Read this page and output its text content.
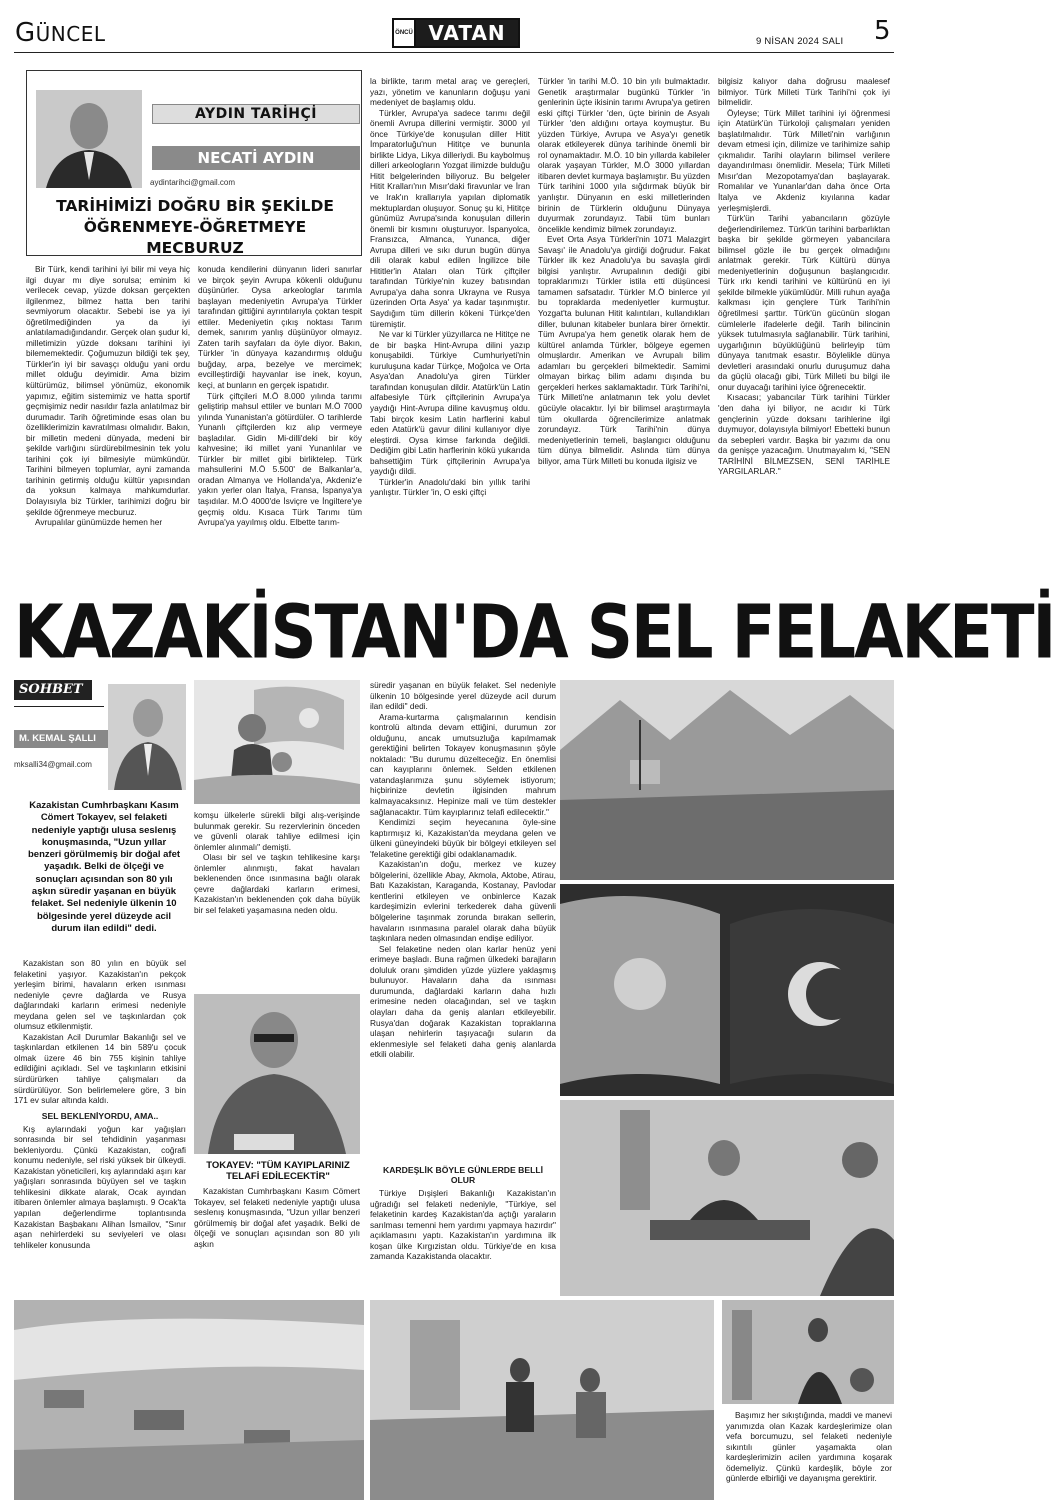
GÜNCEL	ÖNCÜ VATAN	9 NİSAN 2024 SALI 5
AYDIN TARİHÇİ
NECATİ AYDIN
aydintarihci@gmail.com
TARİHİMİZİ DOĞRU BİR ŞEKİLDE
ÖĞRENMEYE-ÖĞRETMEYE MECBURUZ

Bir Türk, kendi tarihini iyi bilir mi veya hiç ilgi duyar mı diye sorulsa; eminim ki verilecek cevap, yüzde doksan gerçekten ilgilenmez, bilmez hatta ben tarihi sevmiyorum olacaktır. Sebebi ise ya iyi öğretilmediğinden ya da iyi anlatılamadığındandır. Gerçek olan şudur ki, milletimizin yüzde doksanı tarihini iyi bilememektedir. Çoğumuzun bildiği tek şey, Türkler'in iyi bir savaşçı olduğu yani ordu millet olduğu deyimidir. Ama bizim kültürümüz, bilimsel yönümüz, ekonomik yapımız, eğitim sistemimiz ve hatta sportif geçmişimiz nedir nasıldır fazla anlatılmaz bir durumadır. Tarih öğretiminde esas olan bu özelliklerimizin kavratılması olmalıdır. Bakın, bir milletin medeni dünyada, medeni bir şekilde varlığını sürdürebilmesinin tek yolu tarihini çok iyi bilmesiyle mümkündür. Tarihini bilmeyen toplumlar, ayni zamanda tarihinin getirmiş olduğu kültür yapısından da yoksun kalmaya mahkumdurlar. Dolayısıyla biz Türkler, tarihimizi doğru bir şekilde öğrenmeye mecburuz.

Avrupalılar günümüzde hemen her

konuda kendilerini dünyanın lideri sanırlar ve birçok şeyin Avrupa kökenli olduğunu düşünürler. Oysa arkeologlar tarımla başlayan medeniyetin Avrupa'ya Türkler tarafından gittiğini ayrıntılarıyla çoktan tespit ettiler. Medeniyetin çıkış noktası Tarım demek, sanırım yanlış düşünüyor olmayız. Zaten tarih sayfaları da öyle diyor. Bakın, Türkler 'in dünyaya kazandırmış olduğu buğday, arpa, bezelye ve mercimek; evcilleştirdiği hayvanlar ise inek, koyun, keçi, at bunların en gerçek ispatıdır.

Türk çiftçileri M.Ö 8.000 yılında tarımı geliştirip mahsul ettiler ve bunları M.Ö 7000 yılında Yunanistan'a götürdüler. O tarihlerde Yunanlı çiftçilerden kız alıp vermeye başladılar. Gidin Mi-dilli'deki bir köy kahvesine; iki millet yani Yunanlılar ve Türkler bir millet gibi birliktelер. Türk mahsullerini M.Ö 5.500' de Balkanlar'a, oradan Almanya ve Hollanda'ya, Akdeniz'e yakın yerler olan İtalya, Fransa, İspanya'ya taşıdılar. M.Ö 4000'de İsviçre ve İngiltere'ye geçmiş oldu. Kısaca Türk Tarımı tüm Avrupa'ya yayılmış oldu. Elbette tarım-

la birlikte, tarım metal araç ve gereçleri, yazı, yönetim ve kanunların doğuşu yani medeniyet de başlamış oldu.

Türkler, Avrupa'ya sadece tarımı değil önemli Avrupa dillerini vermiştir. 3000 yıl önce Türkiye'de konuşulan diller Hitit İmparatorluğu'nun Hititçe ve bununla birlikte Lidya, Likya dilleriydi. Bu kaybolmuş dilleri arkeologların Yozgat ilimizde bulduğu Hitit belgelerinden biliyoruz. Bu belgeler Hitit Kralları'nın Mısır'daki firavunlar ve İran ve Irak'ın krallarıyla yapılan diplomatik mektuplardan oluşuyor. Sonuç şu ki, Hititçe günümüz Avrupa'sında konuşulan dillerin önemli bir kısmını oluşturuyor. İspanyolca, Fransızca, Almanca, Yunanca, diğer Avrupa dilleri ve sıkı durun bugün dünya dili olarak kabul edilen İngilizce bile Hititler'in Ataları olan Türk çiftçiler tarafından Türkiye'nin kuzey batısından Avrupa'ya daha sonra Ukrayna ve Rusya üzerinden Orta Asya' ya kadar taşınmıştır. Saydığım tüm dillerin kökeni Türkçe'den türemiştir.

Ne var ki Türkler yüzyıllarca ne Hititçe ne de bir başka Hint-Avrupa dilini yazıp konuşabildi. Türkiye Cumhuriyeti'nin kuruluşuna kadar Türkçe, Moğolca ve Orta Asya'dan Anadolu'ya giren Türkler tarafından konuşulan dildir. Atatürk'ün Latin alfabesiyle Türk çiftçilerinin Avrupa'ya yaydığı Hint-Avrupa diline kavuşmuş oldu. Tabi birçok kesim Latin harflerini kabul eden Atatürk'ü gavur dilini kullanıyor diye eleştirdi. Oysa kimse farkında değildi. Dediğim gibi Latin harflerinin kökü yukarıda bahsettiğim Türk çiftçilerinin Avrupa'ya yaydığı dildi.

Türkler'in Anadolu'daki bin yıllık tarihi yanlıştır. Türkler 'in, O eski çiftçi

Türkler 'in tarihi M.Ö. 10 bin yılı bulmaktadır. Genetik araştırmalar bugünkü Türkler 'in genlerinin üçte ikisinin tarımı Avrupa'ya getiren eski çiftçi Türkler 'den, üçte birinin de Asyalı Türkler 'den aldığını ortaya koymuştur. Bu yüzden Türkiye, Avrupa ve Asya'yı genetik olarak etkileyerek dünya tarihinde önemli bir rol oynamaktadır. M.Ö. 10 bin yıllarda kabileler olarak yaşayan Türkler, M.Ö 3000 yıllardan itibaren devlet kurmaya başlamıştır. Bu yüzden Türk tarihini 1000 yıla sığdırmak büyük bir yanlıştır. Dünyanın en eski milletlerinden birinin de Türklerin olduğunu Dünyaya duyurmak zorundayız. Tabii tüm bunları öncelikle kendimiz bilmek zorundayız.

Evet Orta Asya Türkleri'nin 1071 Malazgirt Savaşı' ile Anadolu'ya girdiği doğrudur. Fakat Türkler ilk kez Anadolu'ya bu savaşla girdi bilgisi yanlıştır. Avrupalının dediği gibi topraklarımızı Türkler istila etti düşüncesi tamamen safsatadır. Türkler M.Ö binlerce yıl bu topraklarda medeniyetler kurmuştur. Yozgat'ta bulunan Hitit kalıntıları, kullandıkları diller, bulunan kitabeler bunlara birer örnektir. Tüm Avrupa'ya hem genetik olarak hem de kültürel anlamda Türkler, bölgeye egemen olmuşlardır. Amerikan ve Avrupalı bilim adamları bu gerçekleri bilmektedir. Samimi olmayan birkaç bilim adamı dışında bu gerçekleri herkes saklamaktadır. Türk Tarihi'ni, Türk Milleti'ne anlatmanın tek yolu devlet gücüyle olacaktır. İyi bir bilimsel araştırmayla tüm okullarda öğrencilerimize anlatmak zorundayız. Türk Tarihi'nin dünya medeniyetlerinin temeli, başlangıcı olduğunu tüm dünya bilmelidir. Aslında tüm dünya biliyor, ama Türk Milleti bu konuda ilgisiz ve

bilgisiz kalıyor daha doğrusu maalesef bilmiyor. Türk Milleti Türk Tarihi'ni çok iyi bilmelidir.

Öyleyse; Türk Millet tarihini iyi öğrenmesi için Atatürk'ün Türkoloji çalışmaları yeniden başlatılmalıdır. Türk Milleti'nin varlığının devam etmesi için, dilimize ve tarihimize sahip çıkmalıdır. Tarihi olayların bilimsel verilere dayandırılması önemlidir. Mesela; Türk Milleti Mısır'dan Mezopotamya'dan başlayarak. Romalılar ve Yunanlar'dan daha önce Orta İtalya ve Akdeniz kıyılarına kadar yerleşmişlerdi.

Türk'ün Tarihi yabancıların gözüyle değerlendirilemez. Türk'ün tarihini barbarlıktan başka bir şekilde görmeyen yabancılara bilimsel gözle ile bu gerçek olmadığını anlatmak gerekir. Türk Kültürü dünya medeniyetlerinin doğuşunun başlangıcıdır. Türk ırkı kendi tarihini ve kültürünü en iyi şekilde bilmekle yükümlüdür. Milli ruhun ayağa kalkması için gençlere Türk Tarihi'nin öğretilmesi şarttır. Türk'ün gücünün slogan cümlelerle ifadelerle değil. Tarih bilincinin yüksek tutulmasıyla sağlanabilir. Türk tarihini, uygarlığının büyüklüğünü belirleyip tüm dünyaya tanıtmak esastır. Böylelikle dünya devletleri arasındaki onurlu duruşumuz daha da güçlü olacağı gibi, Türk Milleti bu bilgi ile onur duyacağı tarihini iyice öğrenecektir.

Kısacası; yabancılar Türk tarihini Türkler 'den daha iyi biliyor, ne acıdır ki Türk gençlerinin yüzde doksanı tarihlerine ilgi duymuyor, dolayısıyla bilmiyor! Ebetteki bunun da sebepleri vardır. Başka bir yazımı da onu da genişçe yazacağım. Unutmayalım ki, "SEN TARİHİNİ BİLMEZSEN, SENİ TARİHLE YARGILARLAR."

KAZAKİSTAN'DA SEL FELAKETİ
SOHBET
M. KEMAL ŞALLI
mksalli34@gmail.com
Kazakistan Cumhrbaşkanı Kasım Cömert Tokayev, sel felaketi nedeniyle yaptığı ulusa seslenış konuşmasında, "Uzun yıllar benzeri görülmemiş bir doğal afet yaşadık. Belki de ölçeği ve sonuçları açısından son 80 yılı aşkın süredir yaşanan en büyük felaket. Sel nedeniyle ülkenin 10 bölgesinde yerel düzeyde acil durum ilan edildi" dedi.

Kazakistan son 80 yılın en büyük sel felaketini yaşıyor. Kazakistan'ın pekçok yerleşim birimi, havaların erken ısınması nedeniyle çevre dağlarda ve Rusya dağlarındaki karların erimesi nedeniyle meydana gelen sel ve taşkınlardan çok olumsuz etkilenmiştir.

Kazakistan Acil Durumlar Bakanlığı sel ve taşkınlardan etkilenen 14 bin 589'u çocuk olmak üzere 46 bin 755 kişinin tahliye edildiğini açıkladı. Sel ve taşkınların etkisini sürdürürken tahliye çalışmaları da sürdürülüyor. Son belirlemelere göre, 3 bin 171 ev sular altında kaldı.

SEL BEKLENİYORDU, AMA..

Kış aylarındaki yoğun kar yağışları sonrasında bir sel tehdidinin yaşanması bekleniyordu. Çünkü Kazakistan, coğrafi konumu nedeniyle, sel riski yüksek bir ülkeydi. Kazakistan yöneticileri, kış aylarındaki aşırı kar yağışları sonrasında büyüyen sel ve taşkın tehlikesini dikkate alarak, Ocak ayından itibaren önlemler almaya başlamıştı. 9 Ocak'ta yapılan değerlendirme toplantısında Kazakistan Başbakanı Alihan İsmailov, "Sınır aşan nehirlerdeki su seviyeleri ve olası tehlikeler konusunda

komşu ülkelerle sürekli bilgi alış-verişinde bulunmak gerekir. Su rezervlerinin önceden ve güvenli olarak tahliye edilmesi için önlemler alınmalı" demişti.

Olası bir sel ve taşkın tehlikesine karşı önlemler alınmıştı, fakat havaları beklenenden önce ısınmasına bağlı olarak çevre dağlardaki karların erimesi, Kazakistan'ın beklenenden çok daha büyük bir sel felaketi yaşamasına neden oldu.

TOKAYEV: "TÜM KAYIPLARINIZ TELAFİ EDİLECEKTİR"

Kazakistan Cumhrbaşkanı Kasım Cömert Tokayev, sel felaketi nedeniyle yaptığı ulusa seslenış konuşmasında, "Uzun yıllar benzeri görülmemiş bir doğal afet yaşadık. Belki de ölçeği ve sonuçları açısından son 80 yılı aşkın

süredir yaşanan en büyük felaket. Sel nedeniyle ülkenin 10 bölgesinde yerel düzeyde acil durum ilan edildi" dedi.

Arama-kurtarma çalışmalarının kendisin kontrolü altında devam ettiğini, durumun zor olduğunu, ancak umutsuzluğa kapılmamak gerektiğini belirten Tokayev konuşmasının şöyle noktaladı: "Bu durumu düzelteceğiz. En önemlisi can kayıplarını önlemek. Selden etkilenen vatandaşlarımıza şunu söylemek istiyorum; hiçbirinize devletin ilgisinden mahrum kalmayacaksınız. Hepinize mali ve tüm destekler sağlanacaktır. Tüm kayıplarınız telafi edilecektir."

Kendimizi seçim heyecanına öyle-sine kaptırmışız ki, Kazakistan'da meydana gelen ve ülkeni güneyindeki büyük bir bölgeyi etkileyen sel 'felaketine gerektiği gibi odaklanamadık.

Kazakistan'ın doğu, merkez ve kuzey bölgelerini, özellikle Abay, Akmola, Aktobe, Atirau, Batı Kazakistan, Karaganda, Kostanay, Pavlodar kentlerini etkileyen ve onbinlerce Kazak kardeşimizin evlerini terkederek daha güvenli bölgelerine taşınmak zorunda bırakan sellerin, havaların ısınmasına paralel olarak daha büyük taşkınlara neden olmasından endişe ediliyor.

Sel felaketine neden olan karlar henüz yeni erimeye başladı. Buna rağmen ülkedeki barajların doluluk oranı şimdiden yüzde yüzlere yaklaşmış bulunuyor. Havaların daha da ısınması durumunda, dağlardaki karların daha hızlı erimesine neden olacağından, sel ve taşkın olayları daha da geniş alanları etkileyebilir. Rusya'dan doğarak Kazakistan topraklarına ulaşan nehirlerin taşıyacağı suların da eklenmesiyle sel felaketi daha geniş alanlarda etkili olabilir.

KARDEŞLİK BÖYLE GÜNLERDE BELLİ OLUR

Türkiye Dışişleri Bakanlığı Kazakistan'ın uğradığı sel felaketi nedeniyle, "Türkiye, sel felaketinin kardeş Kazakistan'da açtığı yaraların sarılması temenni hem yardımı yapmaya hazırdır" açıklamasını yaptı. Kazakistan'ın yardımına ilk koşan ülke Kırgızistan oldu. Türkiye'de en kısa zamanda Kazakistanda olacaktır.

Başımız her sıkıştığında, maddi ve manevi yanımızda olan Kazak kardeşlerimize olan vefa borcumuzu, sel felaketi nedeniyle sıkıntılı günler yaşamakta olan kardeşlerimizin acilen yardımına koşarak ödemeliyiz. Çünkü kardeşlik, böyle zor günlerde elbirliği ve dayanışma gerektirir.
